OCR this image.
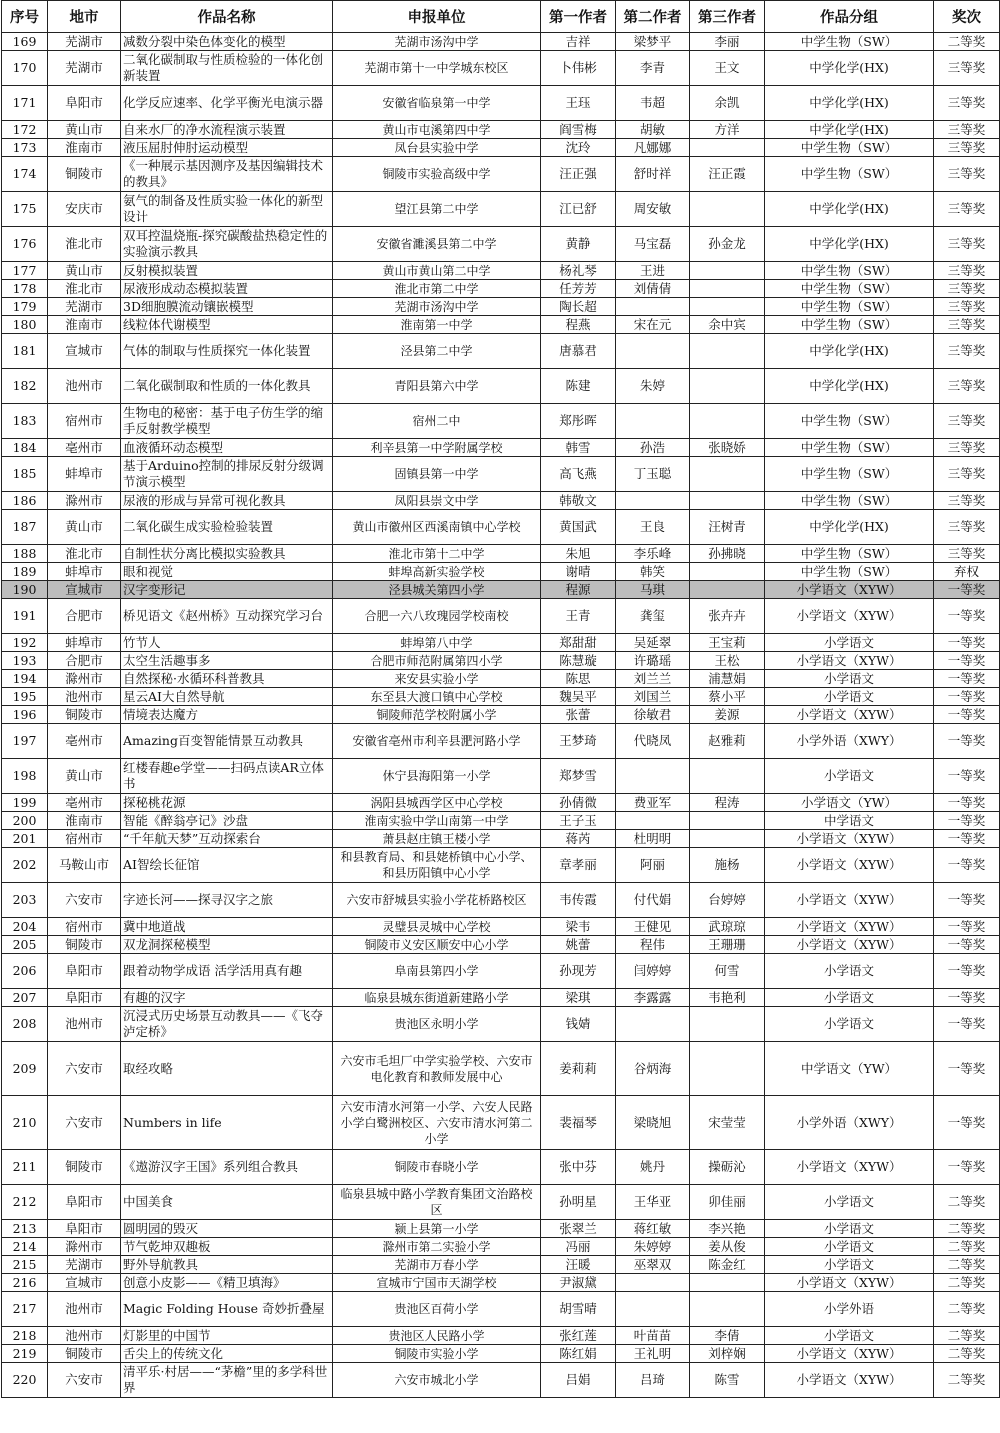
序号	地市	作品名称	申报单位	第一作者	第二作者	第三作者	作品分组	奖次
169	芜湖市	减数分裂中染色体变化的模型	芜湖市汤沟中学	吉祥	梁梦平	李丽	中学生物（SW）	二等奖
170	芜湖市	二氧化碳制取与性质检验的一体化创新装置	芜湖市第十一中学城东校区	卜伟彬	李青	王文	中学化学(HX)	三等奖
171	阜阳市	化学反应速率、化学平衡光电演示器	安徽省临泉第一中学	王珏	韦超	余凯	中学化学(HX)	三等奖
172	黄山市	自来水厂的净水流程演示装置	黄山市屯溪第四中学	阎雪梅	胡敏	方洋	中学化学(HX)	三等奖
173	淮南市	液压屈肘伸肘运动模型	凤台县实验中学	沈玲	凡娜娜		中学生物（SW）	三等奖
174	铜陵市	《一种展示基因测序及基因编辑技术的教具》	铜陵市实验高级中学	汪正强	舒时祥	汪正霞	中学生物（SW）	三等奖
175	安庆市	氨气的制备及性质实验一体化的新型设计	望江县第二中学	江已舒	周安敏		中学化学(HX)	三等奖
176	淮北市	双耳控温烧瓶-探究碳酸盐热稳定性的实验演示教具	安徽省濉溪县第二中学	黄静	马宝磊	孙金龙	中学化学(HX)	三等奖
177	黄山市	反射模拟装置	黄山市黄山第二中学	杨礼琴	王进		中学生物（SW）	三等奖
178	淮北市	尿液形成动态模拟装置	淮北市第二中学	任芳芳	刘倩倩		中学生物（SW）	三等奖
179	芜湖市	3D细胞膜流动镶嵌模型	芜湖市汤沟中学	陶长超			中学生物（SW）	三等奖
180	淮南市	线粒体代谢模型	淮南第一中学	程燕	宋在元	余中宾	中学生物（SW）	三等奖
181	宣城市	气体的制取与性质探究一体化装置	泾县第二中学	唐慕君			中学化学(HX)	三等奖
182	池州市	二氧化碳制取和性质的一体化教具	青阳县第六中学	陈建	朱婷		中学化学(HX)	三等奖
183	宿州市	生物电的秘密：基于电子仿生学的缩手反射教学模型	宿州二中	郑彤晖			中学生物（SW）	三等奖
184	亳州市	血液循环动态模型	利辛县第一中学附属学校	韩雪	孙浩	张晓娇	中学生物（SW）	三等奖
185	蚌埠市	基于Arduino控制的排尿反射分级调节演示模型	固镇县第一中学	高飞燕	丁玉聪		中学生物（SW）	三等奖
186	滁州市	尿液的形成与异常可视化教具	凤阳县崇文中学	韩敬文			中学生物（SW）	三等奖
187	黄山市	二氧化碳生成实验检验装置	黄山市徽州区西溪南镇中心学校	黄国武	王良	汪树青	中学化学(HX)	三等奖
188	淮北市	自制性状分离比模拟实验教具	淮北市第十二中学	朱旭	李乐峰	孙拂晓	中学生物（SW）	三等奖
189	蚌埠市	眼和视觉	蚌埠高新实验学校	谢晴	韩笑		中学生物（SW）	弃权
190	宣城市	汉字变形记	泾县城关第四小学	程源	马琪		小学语文（XYW）	一等奖
191	合肥市	桥见语文《赵州桥》互动探究学习台	合肥一六八玫瑰园学校南校	王青	龚玺	张卉卉	小学语文（XYW）	一等奖
192	蚌埠市	竹节人	蚌埠第八中学	郑甜甜	吴延翠	王宝莉	小学语文	一等奖
193	合肥市	太空生活趣事多	合肥市师范附属第四小学	陈慧璇	许璐瑶	王松	小学语文（XYW）	一等奖
194	滁州市	自然探秘·水循环科普教具	来安县实验小学	陈思	刘兰兰	浦慧娟	小学语文	一等奖
195	池州市	星云AI大自然导航	东至县大渡口镇中心学校	魏吴平	刘国兰	蔡小平	小学语文	一等奖
196	铜陵市	情境表达魔方	铜陵师范学校附属小学	张蕾	徐敏君	姜源	小学语文（XYW）	一等奖
197	亳州市	Amazing百变智能情景互动教具	安徽省亳州市利辛县淝河路小学	王梦琦	代晓凤	赵雅莉	小学外语（XWY）	一等奖
198	黄山市	红楼春趣e学堂——扫码点读AR立体书	休宁县海阳第一小学	郑梦雪			小学语文	一等奖
199	亳州市	探秘桃花源	涡阳县城西学区中心学校	孙倩微	费亚军	程涛	小学语文（YW）	一等奖
200	淮南市	智能《醉翁亭记》沙盘	淮南实验中学山南第一中学	王子玉			中学语文	一等奖
201	宿州市	“千年航天梦”互动探索台	萧县赵庄镇王楼小学	蒋芮	杜明明		小学语文（XYW）	一等奖
202	马鞍山市	AI智绘长征馆	和县教育局、和县姥桥镇中心小学、和县历阳镇中心小学	章孝丽	阿丽	施杨	小学语文（XYW）	一等奖
203	六安市	字迹长河——探寻汉字之旅	六安市舒城县实验小学花桥路校区	韦传霞	付代娟	台婷婷	小学语文（XYW）	一等奖
204	宿州市	冀中地道战	灵璧县灵城中心学校	梁韦	王健见	武琼琼	小学语文（XYW）	一等奖
205	铜陵市	双龙洞探秘模型	铜陵市义安区顺安中心小学	姚蕾	程伟	王珊珊	小学语文（XYW）	一等奖
206	阜阳市	跟着动物学成语 活学活用真有趣	阜南县第四小学	孙现芳	闫婷婷	何雪	小学语文	一等奖
207	阜阳市	有趣的汉字	临泉县城东街道新建路小学	梁琪	李露露	韦艳利	小学语文	一等奖
208	池州市	沉浸式历史场景互动教具——《飞夺泸定桥》	贵池区永明小学	钱婧			小学语文	一等奖
209	六安市	取经攻略	六安市毛坦厂中学实验学校、六安市电化教育和教师发展中心	姜莉莉	谷炳海		中学语文（YW）	一等奖
210	六安市	Numbers in life	六安市清水河第一小学、六安人民路小学白鹭洲校区、六安市清水河第二小学	裴福琴	梁晓旭	宋莹莹	小学外语（XWY）	一等奖
211	铜陵市	《遨游汉字王国》系列组合教具	铜陵市春晓小学	张中芬	姚丹	操砺沁	小学语文（XYW）	一等奖
212	阜阳市	中国美食	临泉县城中路小学教育集团文治路校区	孙明星	王华亚	卯佳丽	小学语文	二等奖
213	阜阳市	圆明园的毁灭	颍上县第一小学	张翠兰	蒋红敏	李兴艳	小学语文	二等奖
214	滁州市	节气乾坤双趣板	滁州市第二实验小学	冯丽	朱婷婷	姜从俊	小学语文	二等奖
215	芜湖市	野外导航教具	芜湖市万春小学	汪暖	巫翠双	陈金红	小学语文	二等奖
216	宣城市	创意小皮影——《精卫填海》	宣城市宁国市天湖学校	尹淑黛			小学语文（XYW）	二等奖
217	池州市	Magic Folding House 奇妙折叠屋	贵池区百荷小学	胡雪晴			小学外语	二等奖
218	池州市	灯影里的中国节	贵池区人民路小学	张红莲	叶苗苗	李倩	小学语文	二等奖
219	铜陵市	舌尖上的传统文化	铜陵市实验小学	陈红娟	王礼明	刘梓娴	小学语文（XYW）	二等奖
220	六安市	清平乐·村居——“茅檐”里的多学科世界	六安市城北小学	吕娟	吕琦	陈雪	小学语文（XYW）	二等奖
